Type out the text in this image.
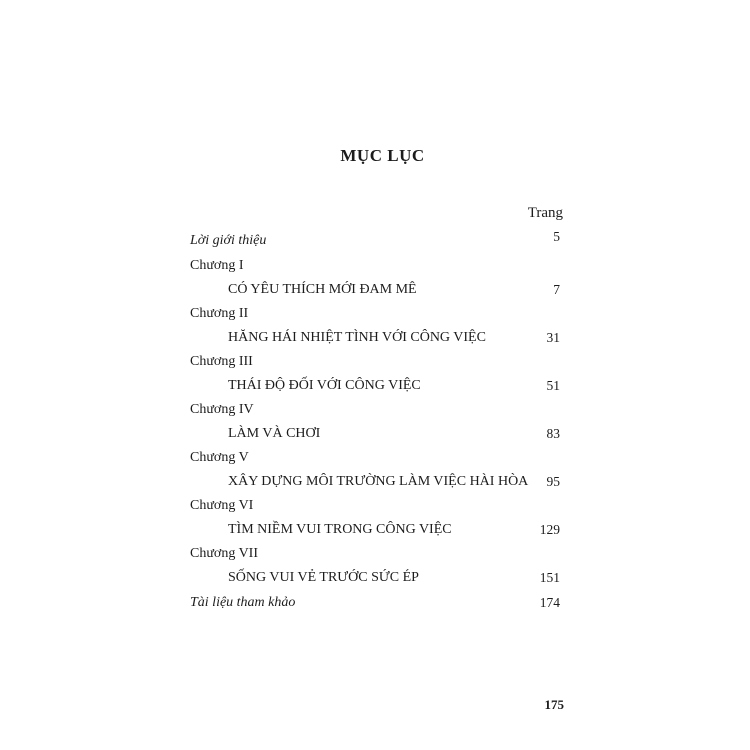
MỤC LỤC
Trang
Lời giới thiệu	5
Chương I
CÓ YÊU THÍCH MỚI ĐAM MÊ	7
Chương II
HĂNG HÁI NHIỆT TÌNH VỚI CÔNG VIỆC	31
Chương III
THÁI ĐỘ ĐỐI VỚI CÔNG VIỆC	51
Chương IV
LÀM VÀ CHƠI	83
Chương V
XÂY DỰNG MÔI TRƯỜNG LÀM VIỆC HÀI HÒA	95
Chương VI
TÌM NIỀM VUI TRONG CÔNG VIỆC	129
Chương VII
SỐNG VUI VẺ TRƯỚC SỨC ÉP	151
Tài liệu tham khảo	174
175
